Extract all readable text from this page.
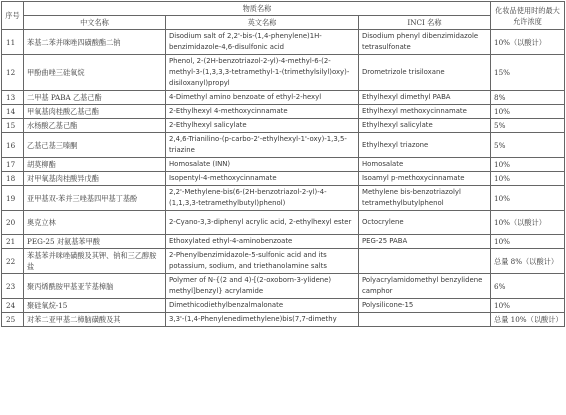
序号	物质名称			化妆品使用时的最大允许浓度
	中文名称	英文名称	INCI 名称	
11	苯基二苯并咪唑四磺酸酯二钠	Disodium salt of 2,2'-bis-(1,4-phenylene)1H-benzimidazole-4,6-disulfonic acid	Disodium phenyl dibenzimidazole tetrasulfonate	10%（以酸计）
12	甲酚曲唑三硅氧烷	Phenol, 2-(2H-benzotriazol-2-yl)-4-methyl-6-(2-methyl-3-(1,3,3,3-tetramethyl-1-(trimethylsilyl)oxy)-disiloxanyl)propyl	Drometrizole trisiloxane	15%
13	二甲基 PABA 乙基己酯	4-Dimethyl amino benzoate of ethyl-2-hexyl	Ethylhexyl dimethyl PABA	8%
14	甲氧基肉桂酸乙基己酯	2-Ethylhexyl 4-methoxycinnamate	Ethylhexyl methoxycinnamate	10%
15	水杨酸乙基己酯	2-Ethylhexyl salicylate	Ethylhexyl salicylate	5%
16	乙基己基三嗪酮	2,4,6-Trianilino-(p-carbo-2'-ethylhexyl-1'-oxy)-1,3,5-triazine	Ethylhexyl triazone	5%
17	胡莫柳酯	Homosalate (INN)	Homosalate	10%
18	对甲氧基肉桂酸异戊酯	Isopentyl-4-methoxycinnamate	Isoamyl p-methoxycinnamate	10%
19	亚甲基双-苯并三唑基四甲基丁基酚	2,2'-Methylene-bis(6-(2H-benzotriazol-2-yl)-4-(1,1,3,3-tetramethylbutyl)phenol)	Methylene bis-benzotriazolyl tetramethylbutylphenol	10%
20	奥克立林	2-Cyano-3,3-diphenyl acrylic acid, 2-ethylhexyl ester	Octocrylene	10%（以酸计）
21	PEG-25 对氨基苯甲酸	Ethoxylated ethyl-4-aminobenzoate	PEG-25 PABA	10%
22	苯基苯并咪唑磺酸及其钾、钠和三乙醇胺盐	2-Phenylbenzimidazole-5-sulfonic acid and its potassium, sodium, and triethanolamine salts		总量 8%（以酸计）
23	聚丙烯酰胺甲基亚苄基樟脑	Polymer of N-{(2 and 4)-[(2-oxoborn-3-ylidene) methyl]benzyl} acrylamide	Polyacrylamidomethyl benzylidene camphor	6%
24	聚硅氧烷-15	Dimethicodiethylbenzalmalonate	Polysilicone-15	10%
25	对苯二亚甲基二樟脑磺酸及其	3,3'-(1,4-Phenylenedimethylene)bis(7,7-dimethy		总量 10%（以酸计）
